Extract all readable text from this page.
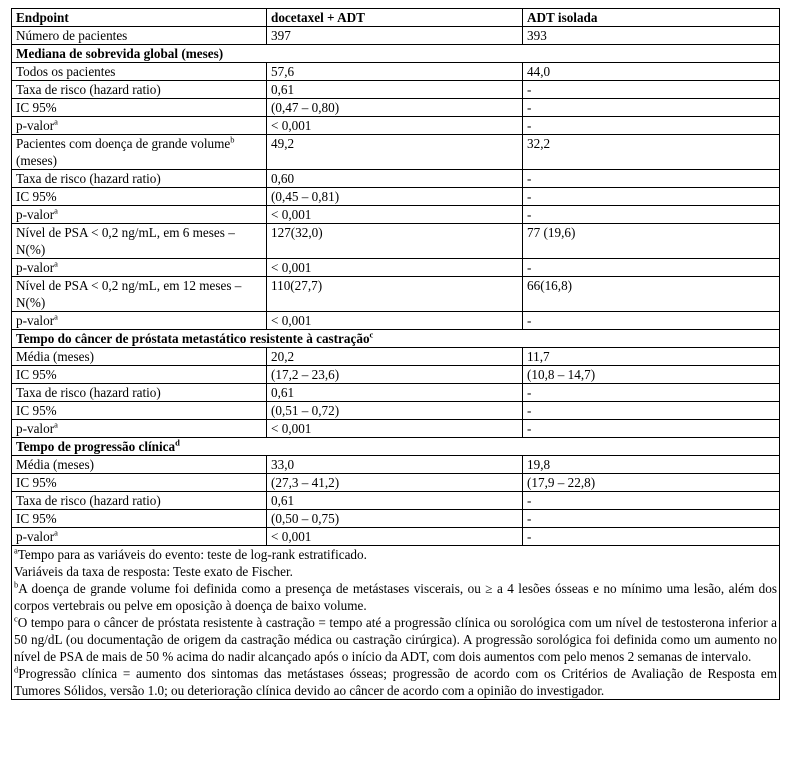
Endpoint	docetaxel + ADT	ADT isolada
Número de pacientes	397	393
Mediana de sobrevida global (meses)		
Todos os pacientes	57,6	44,0
Taxa de risco (hazard ratio)	0,61	-
IC 95%	(0,47 – 0,80)	-
p-valor$^a$	< 0,001	-
Pacientes com doença de grande volume$^b$ (meses)	49,2	32,2
Taxa de risco (hazard ratio)	0,60	-
IC 95%	(0,45 – 0,81)	-
p-valor$^a$	< 0,001	-
Nível de PSA < 0,2 ng/mL, em 6 meses – N(%)	127(32,0)	77 (19,6)
p-valor$^a$	< 0,001	-
Nível de PSA < 0,2 ng/mL, em 12 meses – N(%)	110(27,7)	66(16,8)
p-valor$^a$	< 0,001	-
Tempo do câncer de próstata metastático resistente à castração$^c$
Média (meses)	20,2	11,7
IC 95%	(17,2 – 23,6)	(10,8 – 14,7)
Taxa de risco (hazard ratio)	0,61	-
IC 95%	(0,51 – 0,72)	-
p-valor$^a$	< 0,001	-
Tempo de progressão clínica$^d$
Média (meses)	33,0	19,8
IC 95%	(27,3 – 41,2)	(17,9 – 22,8)
Taxa de risco (hazard ratio)	0,61	-
IC 95%	(0,50 – 0,75)	-
p-valor$^a$	< 0,001	-

$^a$Tempo para as variáveis do evento: teste de log-rank estratificado.

Variáveis da taxa de resposta: Teste exato de Fischer.

$^b$A doença de grande volume foi definida como a presença de metástases viscerais, ou ≥ a 4 lesões ósseas e no mínimo uma lesão, além dos corpos vertebrais ou pelve em oposição à doença de baixo volume.

$^c$O tempo para o câncer de próstata resistente à castração = tempo até a progressão clínica ou sorológica com um nível de testosterona inferior a 50 ng/dL (ou documentação de origem da castração médica ou castração cirúrgica). A progressão sorológica foi definida como um aumento no nível de PSA de mais de 50 % acima do nadir alcançado após o início da ADT, com dois aumentos com pelo menos 2 semanas de intervalo.

$^d$Progressão clínica = aumento dos sintomas das metástases ósseas; progressão de acordo com os Critérios de Avaliação de Resposta em Tumores Sólidos, versão 1.0; ou deterioração clínica devido ao câncer de acordo com a opinião do investigador.		
